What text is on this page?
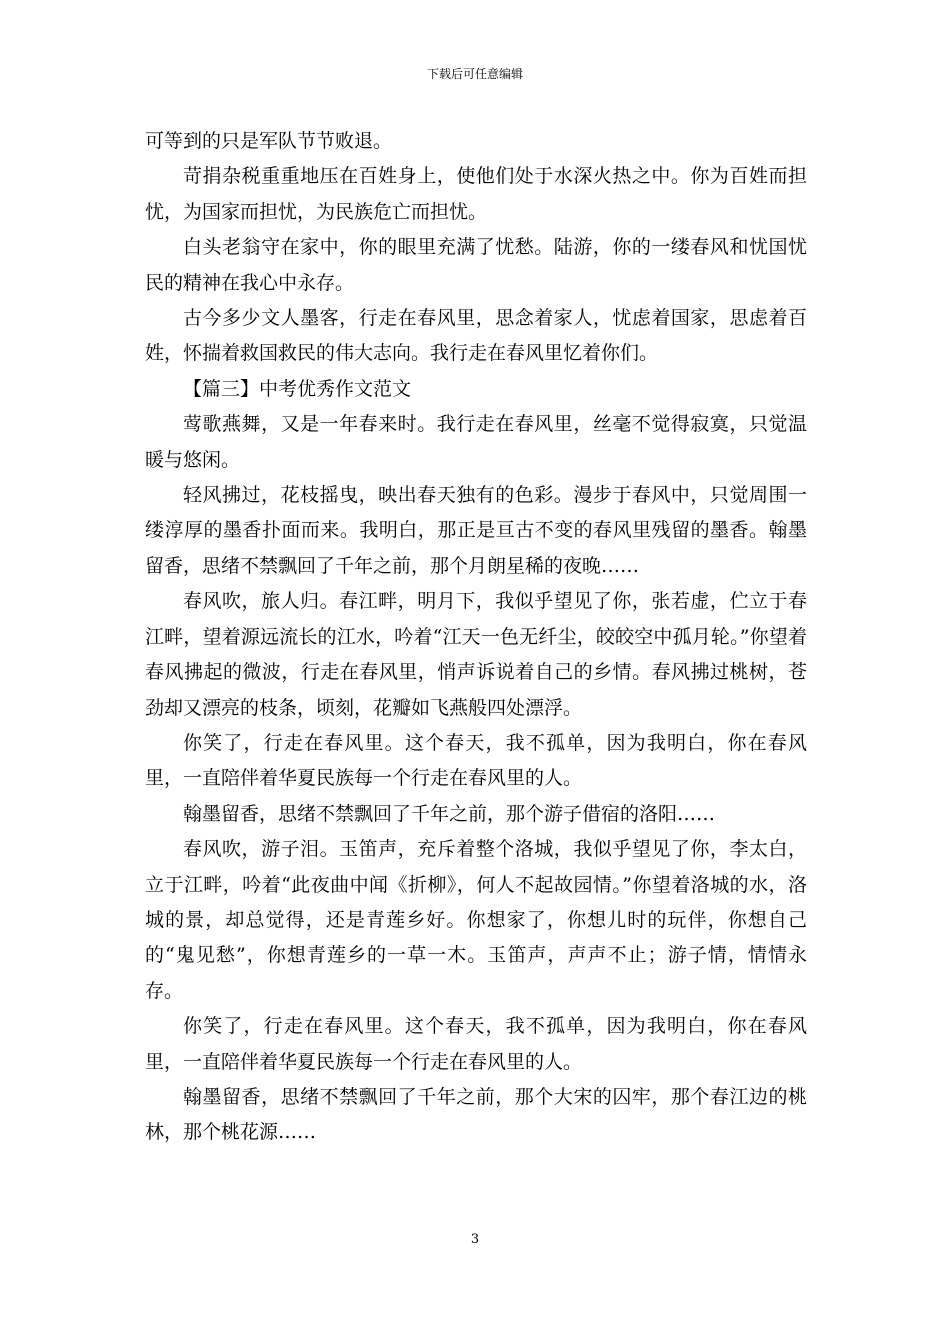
下载后可任意编辑

可等到的只是军队节节败退。

苛捐杂税重重地压在百姓身上，使他们处于水深火热之中。你为百姓而担忧，为国家而担忧，为民族危亡而担忧。

白头老翁守在家中，你的眼里充满了忧愁。陆游，你的一缕春风和忧国忧民的精神在我心中永存。

古今多少文人墨客，行走在春风里，思念着家人，忧虑着国家，思虑着百姓，怀揣着救国救民的伟大志向。我行走在春风里忆着你们。

【篇三】中考优秀作文范文

莺歌燕舞，又是一年春来时。我行走在春风里，丝毫不觉得寂寞，只觉温暖与悠闲。

轻风拂过，花枝摇曳，映出春天独有的色彩。漫步于春风中，只觉周围一缕淳厚的墨香扑面而来。我明白，那正是亘古不变的春风里残留的墨香。翰墨留香，思绪不禁飘回了千年之前，那个月朗星稀的夜晚……

春风吹，旅人归。春江畔，明月下，我似乎望见了你，张若虚，伫立于春江畔，望着源远流长的江水，吟着“江天一色无纤尘，皎皎空中孤月轮。”你望着春风拂起的微波，行走在春风里，悄声诉说着自己的乡情。春风拂过桃树，苍劲却又漂亮的枝条，顷刻，花瓣如飞燕般四处漂浮。

你笑了，行走在春风里。这个春天，我不孤单，因为我明白，你在春风里，一直陪伴着华夏民族每一个行走在春风里的人。

翰墨留香，思绪不禁飘回了千年之前，那个游子借宿的洛阳……

春风吹，游子泪。玉笛声，充斥着整个洛城，我似乎望见了你，李太白，立于江畔，吟着“此夜曲中闻《折柳》，何人不起故园情。”你望着洛城的水，洛城的景，却总觉得，还是青莲乡好。你想家了，你想儿时的玩伴，你想自己的“鬼见愁”，你想青莲乡的一草一木。玉笛声，声声不止；游子情，情情永存。

你笑了，行走在春风里。这个春天，我不孤单，因为我明白，你在春风里，一直陪伴着华夏民族每一个行走在春风里的人。

翰墨留香，思绪不禁飘回了千年之前，那个大宋的囚牢，那个春江边的桃林，那个桃花源……

3
